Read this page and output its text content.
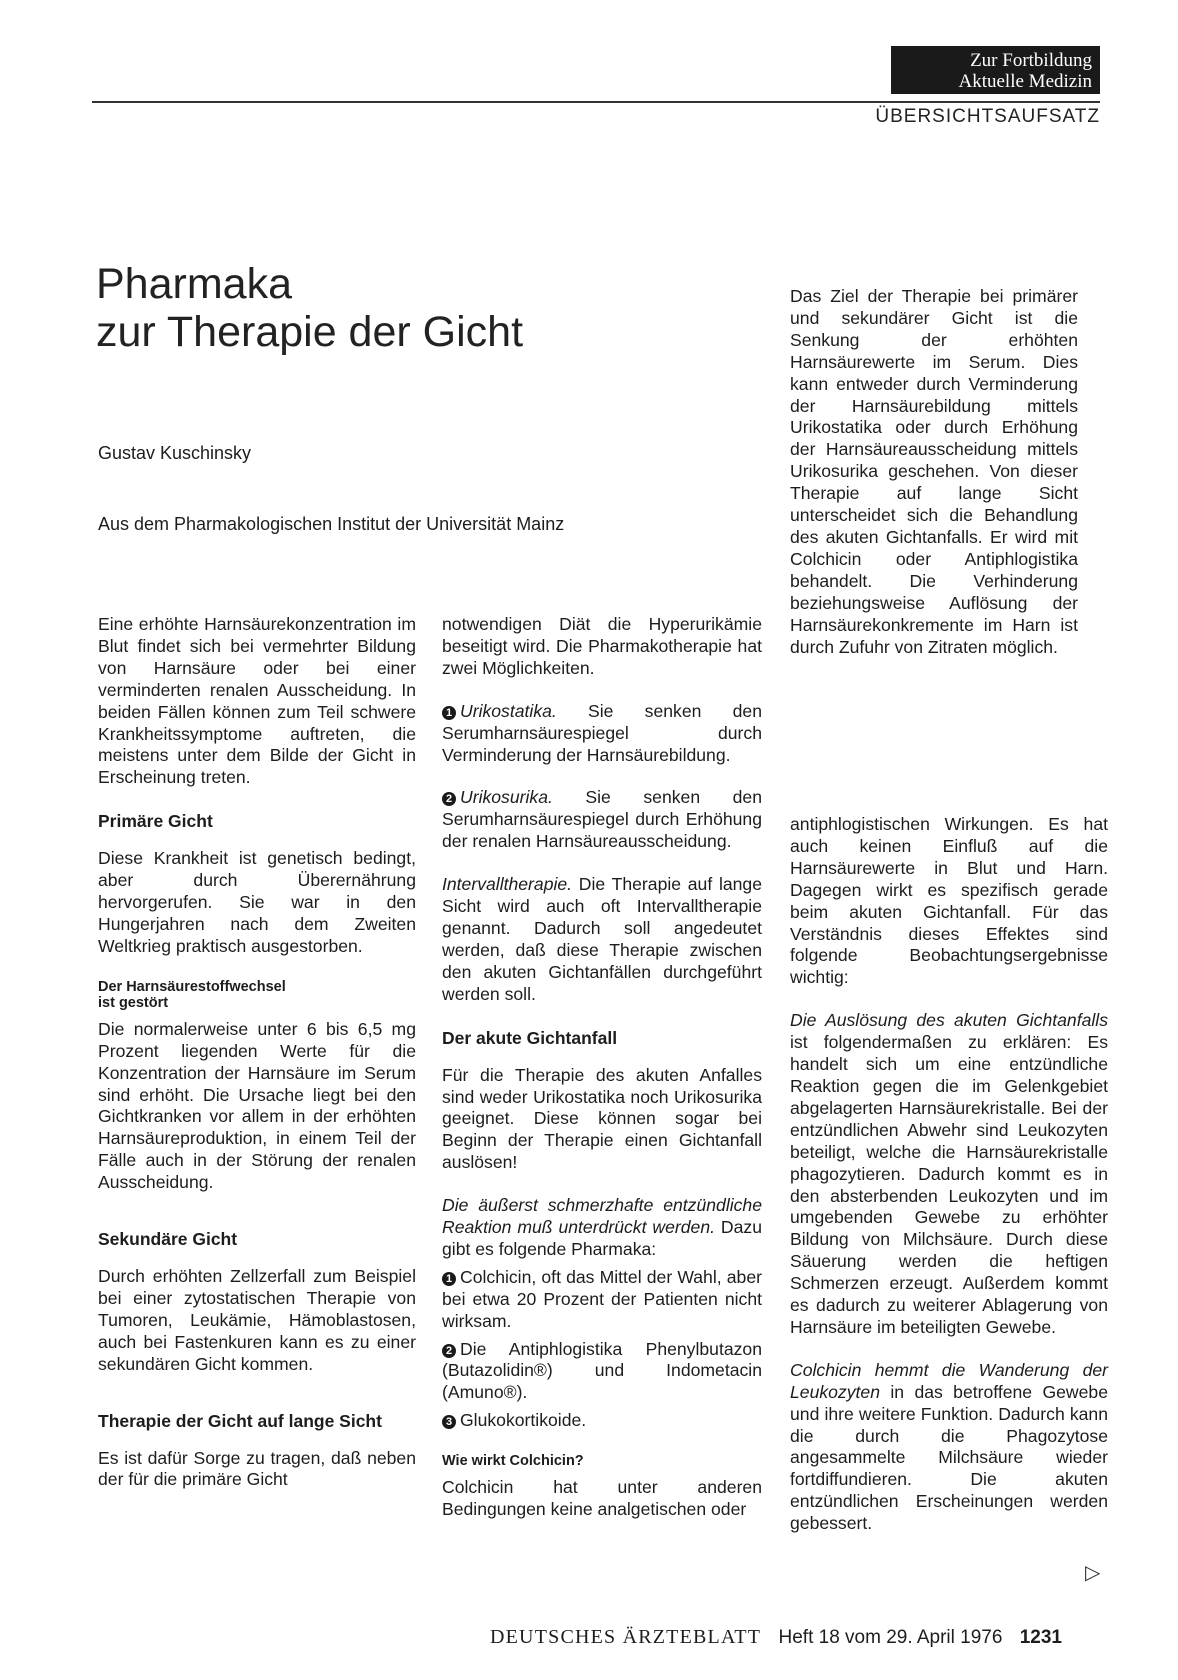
Zur Fortbildung
Aktuelle Medizin
ÜBERSICHTSAUFSATZ
Pharmaka
zur Therapie der Gicht
Gustav Kuschinsky
Aus dem Pharmakologischen Institut der Universität Mainz

Das Ziel der Therapie bei primärer und sekundärer Gicht ist die Senkung der erhöhten Harnsäurewerte im Serum. Dies kann entweder durch Verminderung der Harnsäurebildung mittels Urikostatika oder durch Erhöhung der Harnsäureausscheidung mittels Urikosurika geschehen. Von dieser Therapie auf lange Sicht unterscheidet sich die Behandlung des akuten Gichtanfalls. Er wird mit Colchicin oder Antiphlogistika behandelt. Die Verhinderung beziehungsweise Auflösung der Harnsäurekonkremente im Harn ist durch Zufuhr von Zitraten möglich.

Eine erhöhte Harnsäurekonzentration im Blut findet sich bei vermehrter Bildung von Harnsäure oder bei einer verminderten renalen Ausscheidung. In beiden Fällen können zum Teil schwere Krankheitssymptome auftreten, die meistens unter dem Bilde der Gicht in Erscheinung treten.

Primäre Gicht

Diese Krankheit ist genetisch bedingt, aber durch Überernährung hervorgerufen. Sie war in den Hungerjahren nach dem Zweiten Weltkrieg praktisch ausgestorben.

Der Harnsäurestoffwechsel
ist gestört

Die normalerweise unter 6 bis 6,5 mg Prozent liegenden Werte für die Konzentration der Harnsäure im Serum sind erhöht. Die Ursache liegt bei den Gichtkranken vor allem in der erhöhten Harnsäureproduktion, in einem Teil der Fälle auch in der Störung der renalen Ausscheidung.

Sekundäre Gicht

Durch erhöhten Zellzerfall zum Beispiel bei einer zytostatischen Therapie von Tumoren, Leukämie, Hämoblastosen, auch bei Fastenkuren kann es zu einer sekundären Gicht kommen.

Therapie der Gicht auf lange Sicht

Es ist dafür Sorge zu tragen, daß neben der für die primäre Gicht

notwendigen Diät die Hyperurikämie beseitigt wird. Die Pharmakotherapie hat zwei Möglichkeiten.

1 Urikostatika. Sie senken den Serumharnsäurespiegel durch Verminderung der Harnsäurebildung.

2 Urikosurika. Sie senken den Serumharnsäurespiegel durch Erhöhung der renalen Harnsäureausscheidung.

Intervalltherapie. Die Therapie auf lange Sicht wird auch oft Intervalltherapie genannt. Dadurch soll angedeutet werden, daß diese Therapie zwischen den akuten Gichtanfällen durchgeführt werden soll.

Der akute Gichtanfall

Für die Therapie des akuten Anfalles sind weder Urikostatika noch Urikosurika geeignet. Diese können sogar bei Beginn der Therapie einen Gichtanfall auslösen!

Die äußerst schmerzhafte entzündliche Reaktion muß unterdrückt werden. Dazu gibt es folgende Pharmaka:

1 Colchicin, oft das Mittel der Wahl, aber bei etwa 20 Prozent der Patienten nicht wirksam.

2 Die Antiphlogistika Phenylbutazon (Butazolidin®) und Indometacin (Amuno®).

3 Glukokortikoide.

Wie wirkt Colchicin?

Colchicin hat unter anderen Bedingungen keine analgetischen oder

antiphlogistischen Wirkungen. Es hat auch keinen Einfluß auf die Harnsäurewerte in Blut und Harn. Dagegen wirkt es spezifisch gerade beim akuten Gichtanfall. Für das Verständnis dieses Effektes sind folgende Beobachtungsergebnisse wichtig:

Die Auslösung des akuten Gichtanfalls ist folgendermaßen zu erklären: Es handelt sich um eine entzündliche Reaktion gegen die im Gelenkgebiet abgelagerten Harnsäurekristalle. Bei der entzündlichen Abwehr sind Leukozyten beteiligt, welche die Harnsäurekristalle phagozytieren. Dadurch kommt es in den absterbenden Leukozyten und im umgebenden Gewebe zu erhöhter Bildung von Milchsäure. Durch diese Säuerung werden die heftigen Schmerzen erzeugt. Außerdem kommt es dadurch zu weiterer Ablagerung von Harnsäure im beteiligten Gewebe.

Colchicin hemmt die Wanderung der Leukozyten in das betroffene Gewebe und ihre weitere Funktion. Dadurch kann die durch die Phagozytose angesammelte Milchsäure wieder fortdiffundieren. Die akuten entzündlichen Erscheinungen werden gebessert.

▷
DEUTSCHES ÄRZTEBLATT Heft 18 vom 29. April 1976 1231
